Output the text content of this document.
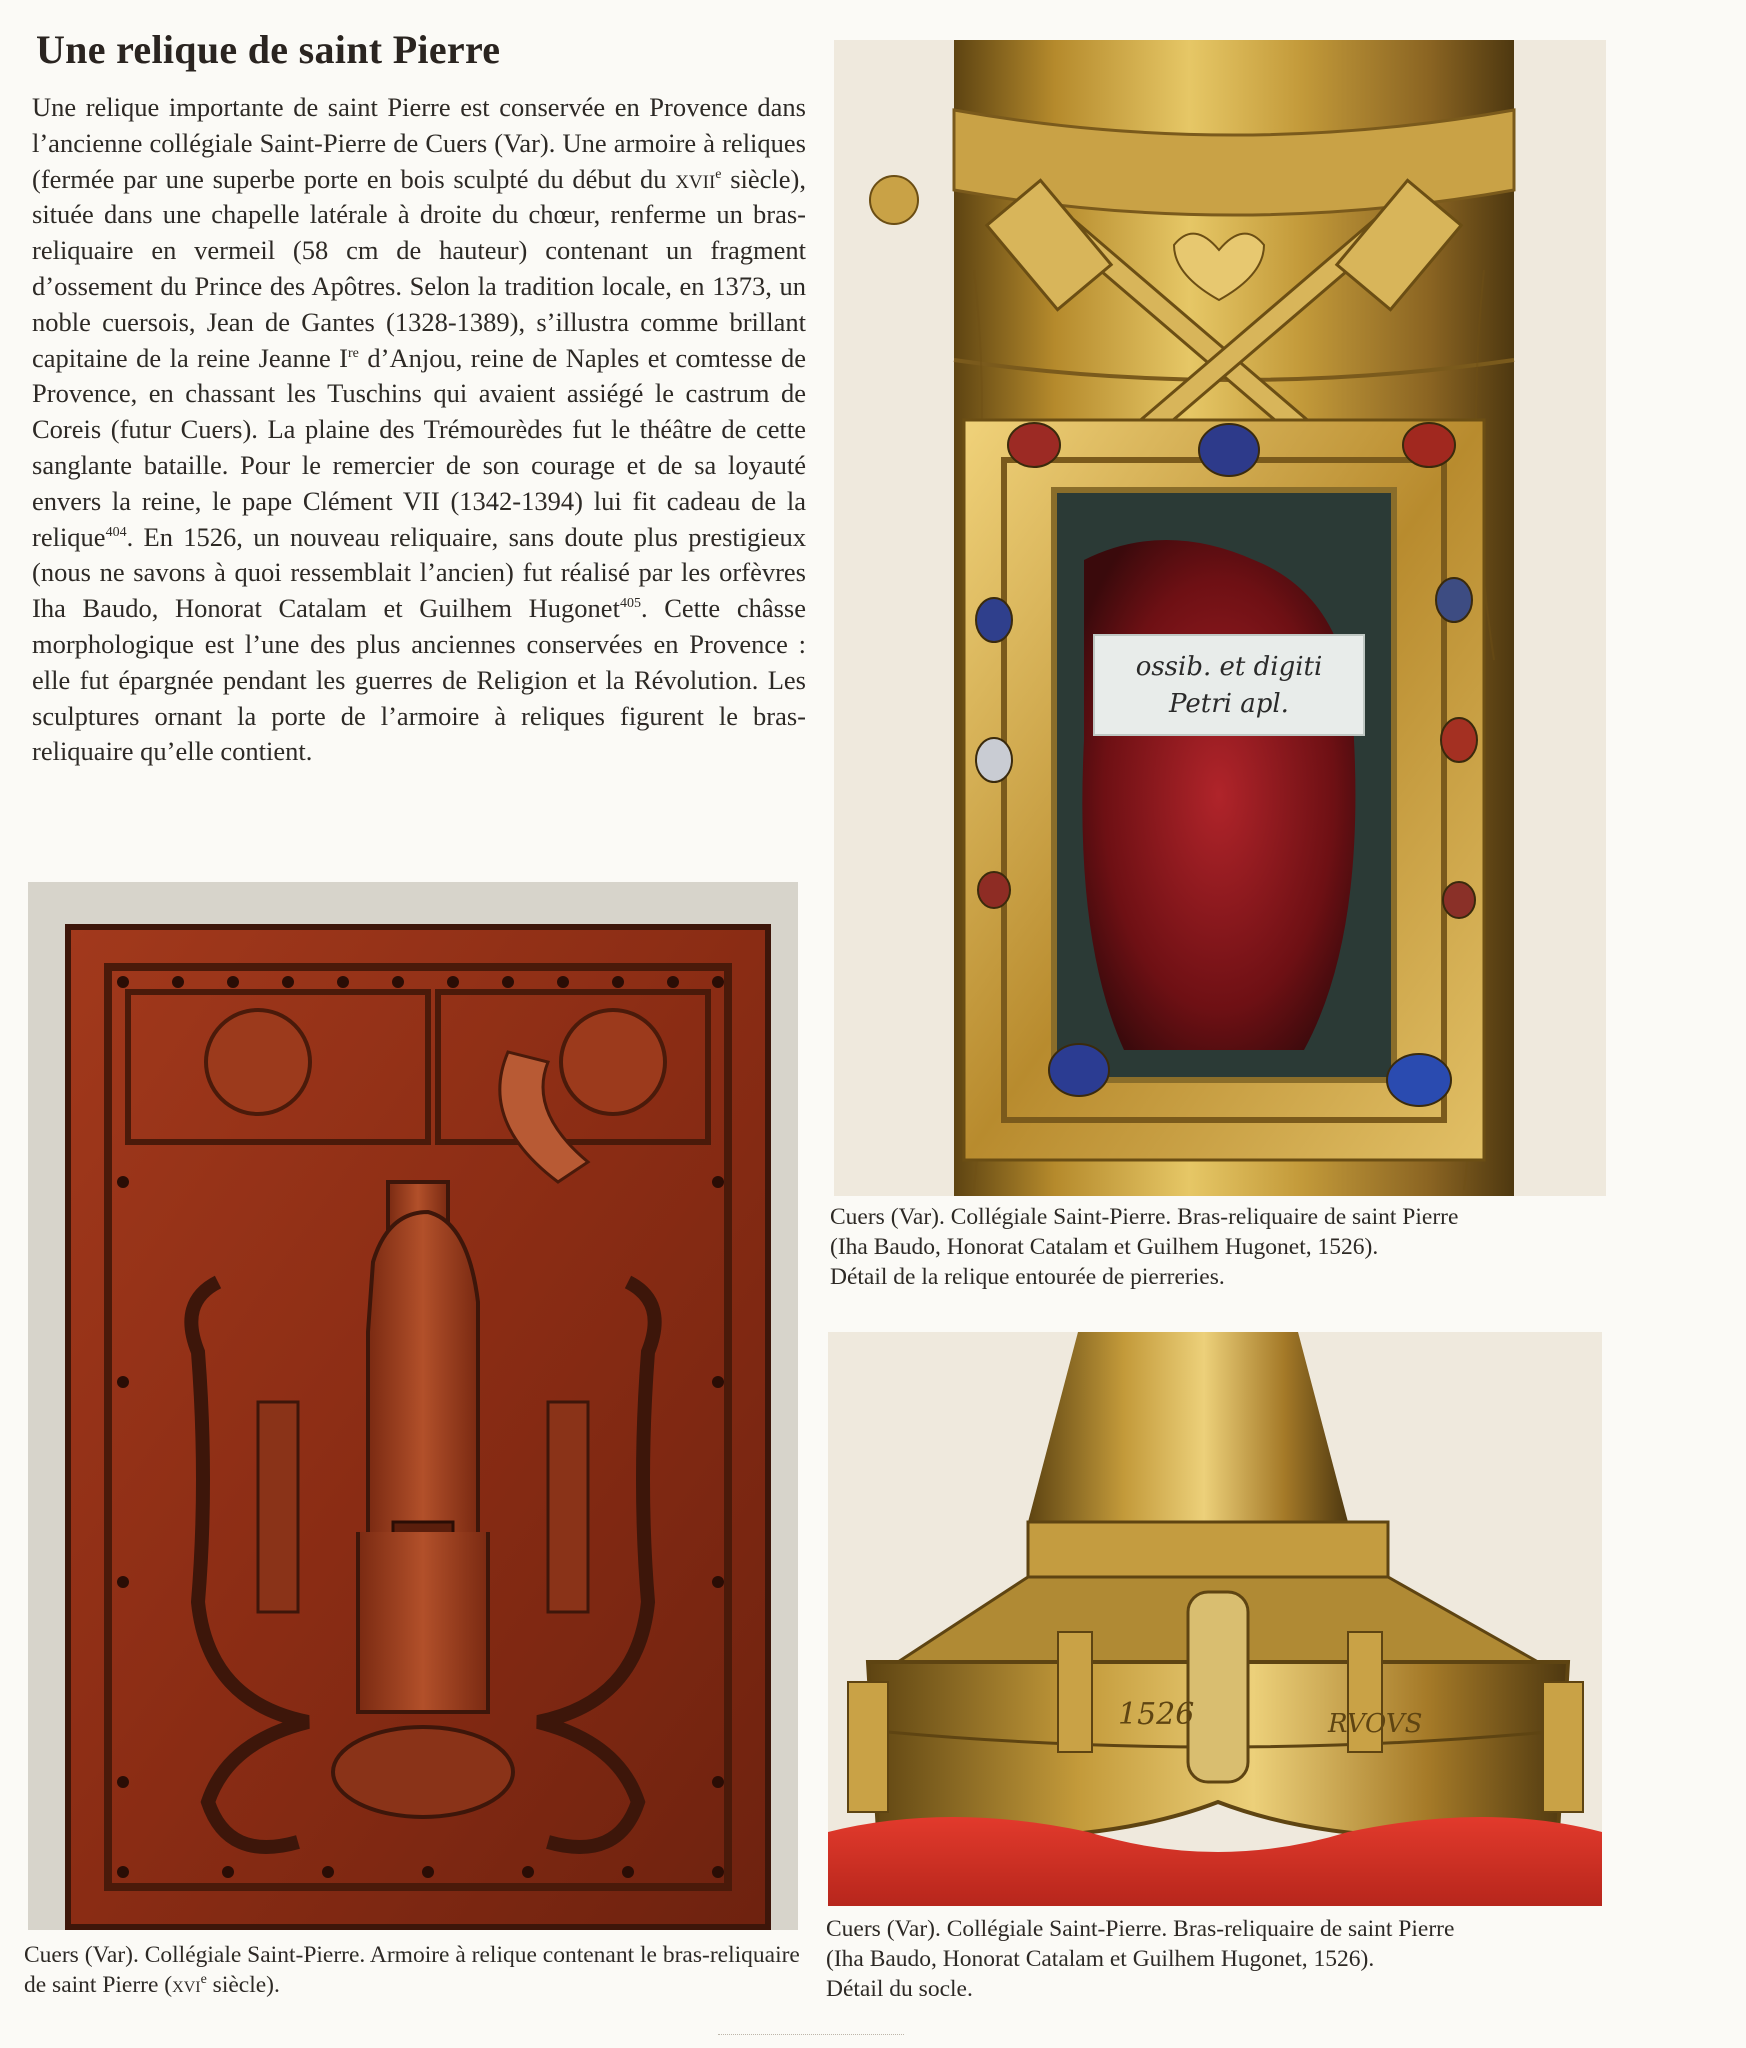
Une relique de saint Pierre

Une relique importante de saint Pierre est conservée en Provence dans l’ancienne collégiale Saint-Pierre de Cuers (Var). Une armoire à reliques (fermée par une superbe porte en bois sculpté du début du xvii$^e$ siècle), située dans une chapelle latérale à droite du chœur, renferme un bras-reliquaire en vermeil (58 cm de hauteur) contenant un fragment d’ossement du Prince des Apôtres. Selon la tradition locale, en 1373, un noble cuersois, Jean de Gantes (1328-1389), s’illustra comme brillant capitaine de la reine Jeanne Ire d’Anjou, reine de Naples et comtesse de Provence, en chassant les Tuschins qui avaient assiégé le castrum de Coreis (futur Cuers). La plaine des Trémourèdes fut le théâtre de cette sanglante bataille. Pour le remercier de son courage et de sa loyauté envers la reine, le pape Clément VII (1342-1394) lui fit cadeau de la relique$^{404}$. En 1526, un nouveau reliquaire, sans doute plus prestigieux (nous ne savons à quoi ressemblait l’ancien) fut réalisé par les orfèvres Iha Baudo, Honorat Catalam et Guilhem Hugonet$^{405}$. Cette châsse morphologique est l’une des plus anciennes conservées en Provence : elle fut épargnée pendant les guerres de Religion et la Révolution. Les sculptures ornant la porte de l’armoire à reliques figurent le bras-reliquaire qu’elle contient.

ossib. et digiti
Petri apl.

Cuers (Var). Collégiale Saint-Pierre. Bras-reliquaire de saint Pierre

(Iha Baudo, Honorat Catalam et Guilhem Hugonet, 1526).

Détail de la relique entourée de pierreries.

Cuers (Var). Collégiale Saint-Pierre. Armoire à relique contenant le bras-reliquaire de saint Pierre (xvi$^e$ siècle).

1526	RVOVS

Cuers (Var). Collégiale Saint-Pierre. Bras-reliquaire de saint Pierre

(Iha Baudo, Honorat Catalam et Guilhem Hugonet, 1526).

Détail du socle.
